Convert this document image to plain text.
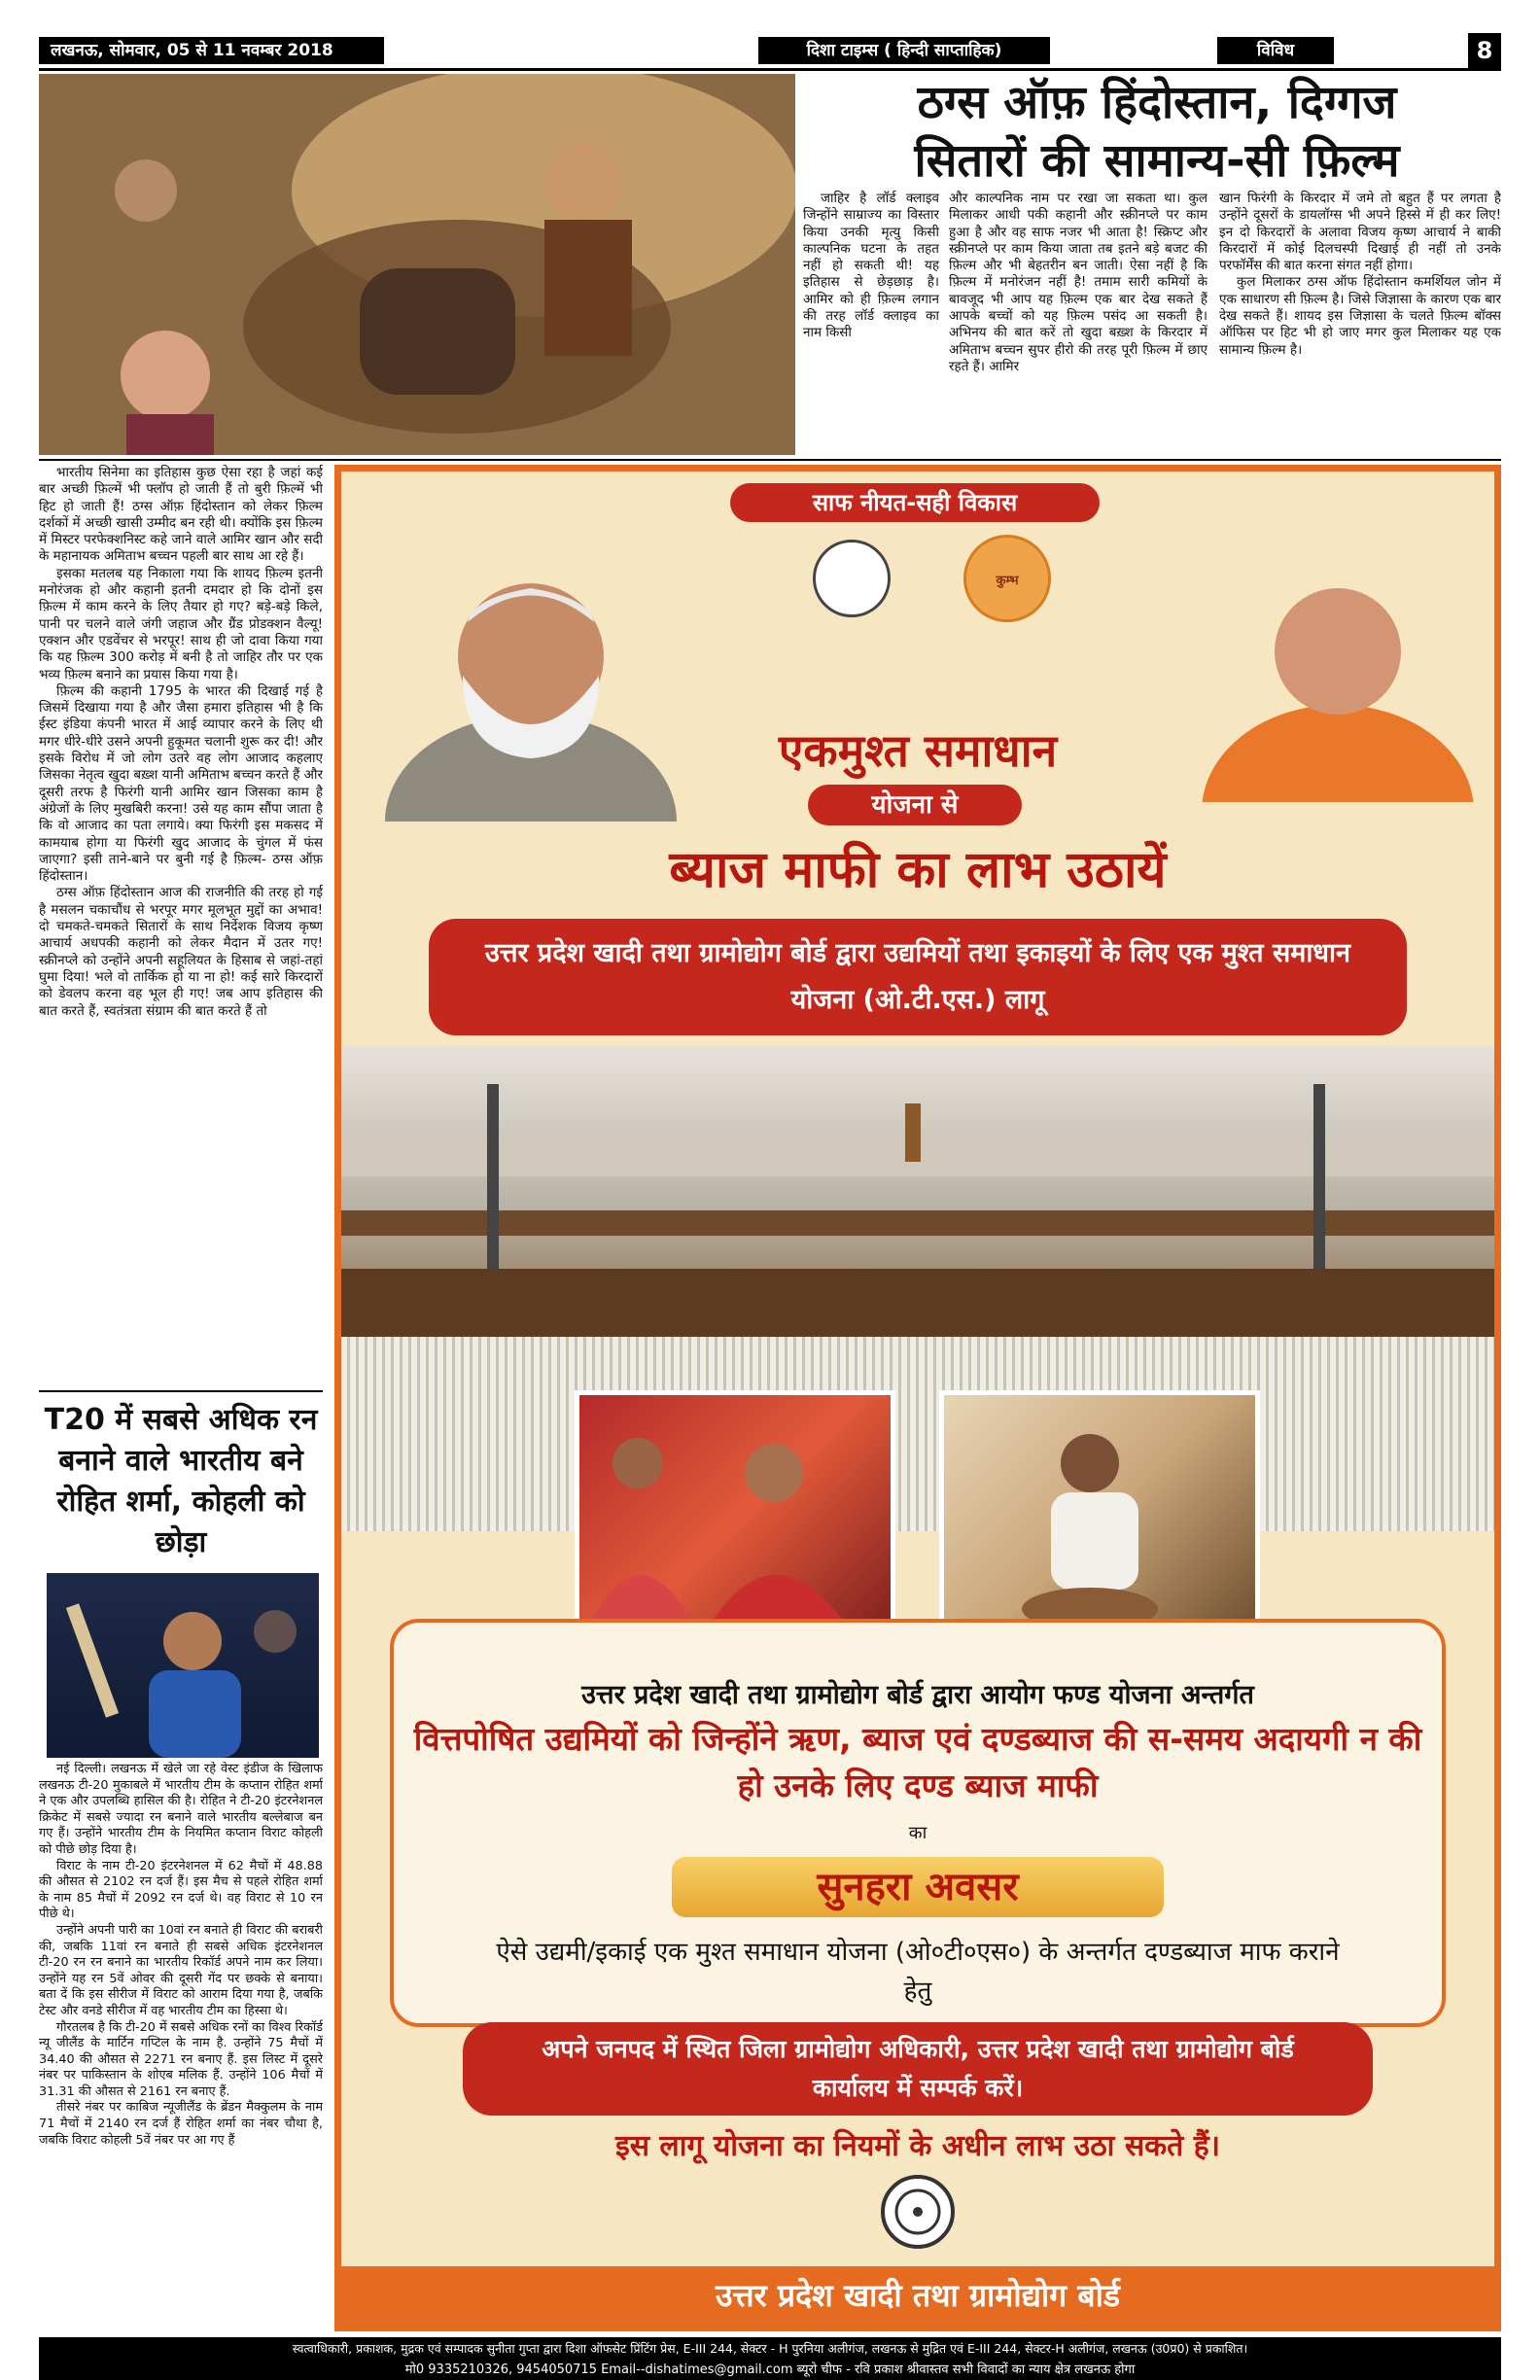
लखनऊ, सोमवार, 05 से 11 नवम्बर 2018	दिशा टाइम्स ( हिन्दी साप्ताहिक)	विविध	8
ठग्स ऑफ़ हिंदोस्तान, दिग्गज
सितारों की सामान्य-सी फ़िल्म

जाहिर है लॉर्ड क्लाइव जिन्होंने साम्राज्य का विस्तार किया उनकी मृत्यु किसी काल्पनिक घटना के तहत नहीं हो सकती थी! यह इतिहास से छेड़छाड़ है। आमिर को ही फ़िल्म लगान की तरह लॉर्ड क्लाइव का नाम किसी

और काल्पनिक नाम पर रखा जा सकता था। कुल मिलाकर आधी पकी कहानी और स्क्रीनप्ले पर काम हुआ है और वह साफ नजर भी आता है! स्क्रिप्ट और स्क्रीनप्ले पर काम किया जाता तब इतने बड़े बजट की फ़िल्म और भी बेहतरीन बन जाती। ऐसा नहीं है कि फ़िल्म में मनोरंजन नहीं है! तमाम सारी कमियों के बावजूद भी आप यह फ़िल्म एक बार देख सकते हैं आपके बच्चों को यह फ़िल्म पसंद आ सकती है। अभिनय की बात करें तो खुदा बख़्श के किरदार में अमिताभ बच्चन सुपर हीरो की तरह पूरी फ़िल्म में छाए रहते हैं। आमिर

खान फिरंगी के किरदार में जमे तो बहुत हैं पर लगता है उन्होंने दूसरों के डायलॉग्स भी अपने हिस्से में ही कर लिए! इन दो किरदारों के अलावा विजय कृष्ण आचार्य ने बाकी किरदारों में कोई दिलचस्पी दिखाई ही नहीं तो उनके परफॉर्मेंस की बात करना संगत नहीं होगा।

कुल मिलाकर ठग्स ऑफ हिंदोस्तान कमर्शियल जोन में एक साधारण सी फ़िल्म है। जिसे जिज्ञासा के कारण एक बार देख सकते हैं। शायद इस जिज्ञासा के चलते फ़िल्म बॉक्स ऑफिस पर हिट भी हो जाए मगर कुल मिलाकर यह एक सामान्य फ़िल्म है।

भारतीय सिनेमा का इतिहास कुछ ऐसा रहा है जहां कई बार अच्छी फ़िल्में भी फ्लॉप हो जाती हैं तो बुरी फ़िल्में भी हिट हो जाती हैं! ठग्स ऑफ़ हिंदोस्तान को लेकर फ़िल्म दर्शकों में अच्छी खासी उम्मीद बन रही थी। क्योंकि इस फ़िल्म में मिस्टर परफेक्शनिस्ट कहे जाने वाले आमिर खान और सदी के महानायक अमिताभ बच्चन पहली बार साथ आ रहे हैं।

इसका मतलब यह निकाला गया कि शायद फ़िल्म इतनी मनोरंजक हो और कहानी इतनी दमदार हो कि दोनों इस फ़िल्म में काम करने के लिए तैयार हो गए? बड़े-बड़े किले, पानी पर चलने वाले जंगी जहाज और ग्रैंड प्रोडक्शन वैल्यू! एक्शन और एडवेंचर से भरपूर! साथ ही जो दावा किया गया कि यह फ़िल्म 300 करोड़ में बनी है तो जाहिर तौर पर एक भव्य फ़िल्म बनाने का प्रयास किया गया है।

फ़िल्म की कहानी 1795 के भारत की दिखाई गई है जिसमें दिखाया गया है और जैसा हमारा इतिहास भी है कि ईस्ट इंडिया कंपनी भारत में आई व्यापार करने के लिए थी मगर धीरे-धीरे उसने अपनी हुकूमत चलानी शुरू कर दी! और इसके विरोध में जो लोग उतरे वह लोग आजाद कहलाए जिसका नेतृत्व खुदा बख़्श यानी अमिताभ बच्चन करते हैं और दूसरी तरफ है फिरंगी यानी आमिर खान जिसका काम है अंग्रेजों के लिए मुखबिरी करना! उसे यह काम सौंपा जाता है कि वो आजाद का पता लगाये। क्या फिरंगी इस मकसद में कामयाब होगा या फिरंगी खुद आजाद के चुंगल में फंस जाएगा? इसी ताने-बाने पर बुनी गई है फ़िल्म- ठग्स ऑफ़ हिंदोस्तान।

ठग्स ऑफ़ हिंदोस्तान आज की राजनीति की तरह हो गई है मसलन चकाचौंध से भरपूर मगर मूलभूत मुद्दों का अभाव! दो चमकते-चमकते सितारों के साथ निर्देशक विजय कृष्ण आचार्य अधपकी कहानी को लेकर मैदान में उतर गए! स्क्रीनप्ले को उन्होंने अपनी सहूलियत के हिसाब से जहां-तहां घुमा दिया! भले वो तार्किक हो या ना हो! कई सारे किरदारों को डेवलप करना वह भूल ही गए! जब आप इतिहास की बात करते हैं, स्वतंत्रता संग्राम की बात करते हैं तो

T20 में सबसे अधिक रन बनाने वाले भारतीय बने रोहित शर्मा, कोहली को छोड़ा

नई दिल्ली। लखनऊ में खेले जा रहे वेस्ट इंडीज के खिलाफ लखनऊ टी-20 मुकाबले में भारतीय टीम के कप्तान रोहित शर्मा ने एक और उपलब्धि हासिल की है। रोहित ने टी-20 इंटरनेशनल क्रिकेट में सबसे ज्यादा रन बनाने वाले भारतीय बल्लेबाज बन गए हैं। उन्होंने भारतीय टीम के नियमित कप्तान विराट कोहली को पीछे छोड़ दिया है।

विराट के नाम टी-20 इंटरनेशनल में 62 मैचों में 48.88 की औसत से 2102 रन दर्ज हैं। इस मैच से पहले रोहित शर्मा के नाम 85 मैचों में 2092 रन दर्ज थे। वह विराट से 10 रन पीछे थे।

उन्होंने अपनी पारी का 10वां रन बनाते ही विराट की बराबरी की, जबकि 11वां रन बनाते ही सबसे अधिक इंटरनेशनल टी-20 रन रन बनाने का भारतीय रिकॉर्ड अपने नाम कर लिया। उन्होंने यह रन 5वें ओवर की दूसरी गेंद पर छक्के से बनाया। बता दें कि इस सीरीज में विराट को आराम दिया गया है, जबकि टेस्ट और वनडे सीरीज में वह भारतीय टीम का हिस्सा थे।

गौरतलब है कि टी-20 में सबसे अधिक रनों का विश्व रिकॉर्ड न्यू जीलैंड के मार्टिन गप्टिल के नाम है. उन्होंने 75 मैचों में 34.40 की औसत से 2271 रन बनाए हैं. इस लिस्ट में दूसरे नंबर पर पाकिस्तान के शोएब मलिक हैं. उन्होंने 106 मैचों में 31.31 की औसत से 2161 रन बनाए हैं.

तीसरे नंबर पर काबिज न्यूजीलैंड के ब्रेंडन मैक्कुलम के नाम 71 मैचों में 2140 रन दर्ज हैं रोहित शर्मा का नंबर चौथा है, जबकि विराट कोहली 5वें नंबर पर आ गए हैं

साफ नीयत-सही विकास
कुम्भ
एकमुश्त समाधान
योजना से
ब्याज माफी का लाभ उठायें
उत्तर प्रदेश खादी तथा ग्रामोद्योग बोर्ड द्वारा उद्यमियों तथा इकाइयों के लिए एक मुश्त समाधान योजना (ओ.टी.एस.) लागू
उत्तर प्रदेश खादी तथा ग्रामोद्योग बोर्ड द्वारा आयोग फण्ड योजना अन्तर्गत
वित्तपोषित उद्यमियों को जिन्होंने ऋण, ब्याज एवं दण्डब्याज की स-समय अदायगी न की हो उनके लिए दण्ड ब्याज माफी
का
सुनहरा अवसर
ऐसे उद्यमी/इकाई एक मुश्त समाधान योजना (ओ०टी०एस०) के अन्तर्गत दण्डब्याज माफ कराने हेतु
अपने जनपद में स्थित जिला ग्रामोद्योग अधिकारी, उत्तर प्रदेश खादी तथा ग्रामोद्योग बोर्ड कार्यालय में सम्पर्क करें।
इस लागू योजना का नियमों के अधीन लाभ उठा सकते हैं।
उत्तर प्रदेश खादी तथा ग्रामोद्योग बोर्ड
स्वत्वाधिकारी, प्रकाशक, मुद्रक एवं सम्पादक सुनीता गुप्ता द्वारा दिशा ऑफसेट प्रिंटिंग प्रेस, E-III 244, सेक्टर - H पुरनिया अलीगंज, लखनऊ से मुद्रित एवं E-III 244, सेक्टर-H अलीगंज, लखनऊ (उ0प्र0) से प्रकाशित।
मो0 9335210326, 9454050715 Email--dishatimes@gmail.com ब्यूरो चीफ - रवि प्रकाश श्रीवास्तव सभी विवादों का न्याय क्षेत्र लखनऊ होगा
